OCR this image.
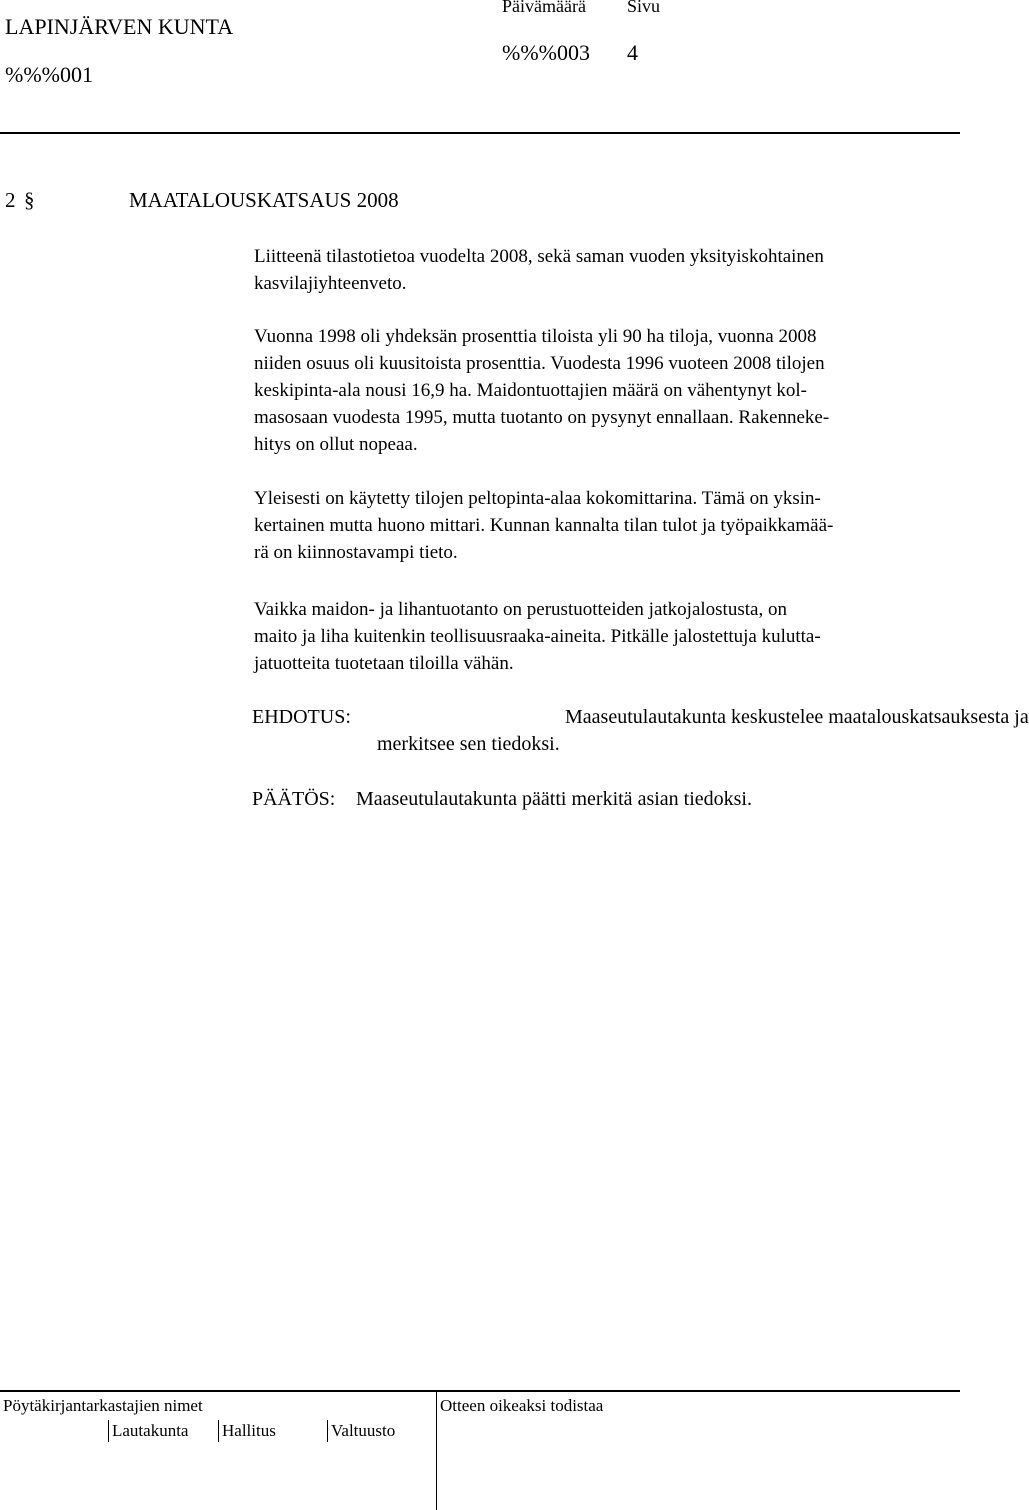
LAPINJÄRVEN KUNTA
%%%001
Päivämäärä Sivu
%%%003 4
2 §	MAATALOUSKATSAUS 2008
Liitteenä tilastotietoa vuodelta 2008, sekä saman vuoden yksityiskohtainen
kasvilajiyhteenveto.
Vuonna 1998 oli yhdeksän prosenttia tiloista yli 90 ha tiloja, vuonna 2008
niiden osuus oli kuusitoista prosenttia. Vuodesta 1996 vuoteen 2008 tilojen
keskipinta-ala nousi 16,9 ha. Maidontuottajien määrä on vähentynyt kol-
masosaan vuodesta 1995, mutta tuotanto on pysynyt ennallaan. Rakenneke-
hitys on ollut nopeaa.
Yleisesti on käytetty tilojen peltopinta-alaa kokomittarina. Tämä on yksin-
kertainen mutta huono mittari. Kunnan kannalta tilan tulot ja työpaikkamää-
rä on kiinnostavampi tieto.
Vaikka maidon- ja lihantuotanto on perustuotteiden jatkojalostusta, on
maito ja liha kuitenkin teollisuusraaka-aineita. Pitkälle jalostettuja kulutta-
jatuotteita tuotetaan tiloilla vähän.
EHDOTUS:	Maaseutulautakunta keskustelee maatalouskatsauksesta ja
merkitsee sen tiedoksi.
PÄÄTÖS: Maaseutulautakunta päätti merkitä asian tiedoksi.
Pöytäkirjantarkastajien nimet	Otteen oikeaksi todistaa
Lautakunta Hallitus	Valtuusto
